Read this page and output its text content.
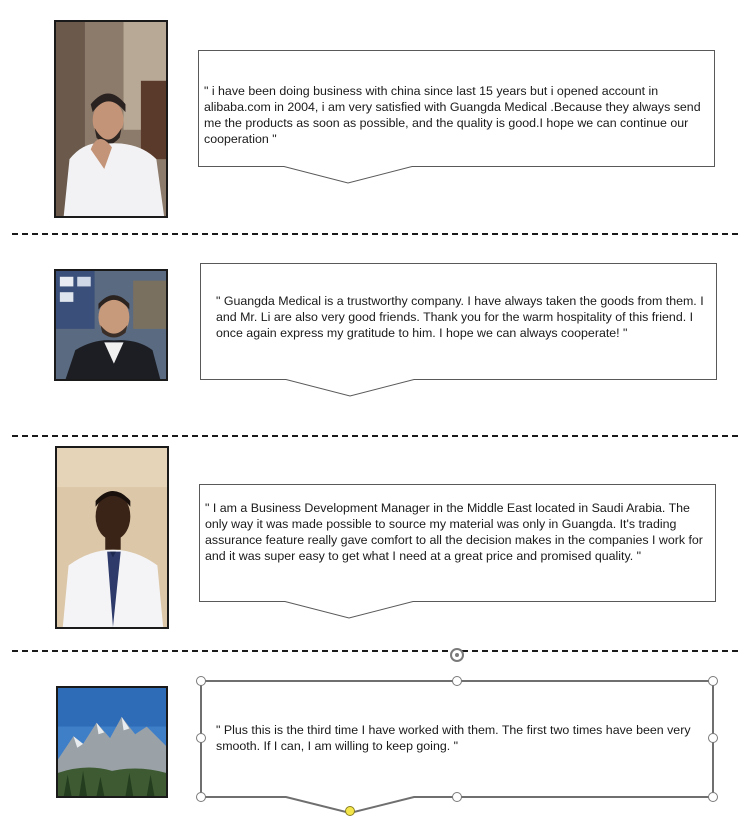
" i have been doing business with china since last 15 years but i opened account in alibaba.com in 2004, i am very satisfied with Guangda Medical .Because they always send me the products as soon as possible, and the quality is good.I hope we can continue our cooperation "
" Guangda Medical is a trustworthy company. I have always taken the goods from them. I and Mr. Li are also very good friends. Thank you for the warm hospitality of this friend. I once again express my gratitude to him. I hope we can always cooperate! "
" I am a Business Development Manager in the Middle East located in Saudi Arabia. The only way it was made possible to source my material was only in Guangda. It's trading assurance feature really gave comfort to all the decision makes in the companies I work for and it was super easy to get what I need at a great price and promised quality. "
" Plus this is the third time I have worked with them. The first two times have been very smooth. If I can, I am willing to keep going. "
